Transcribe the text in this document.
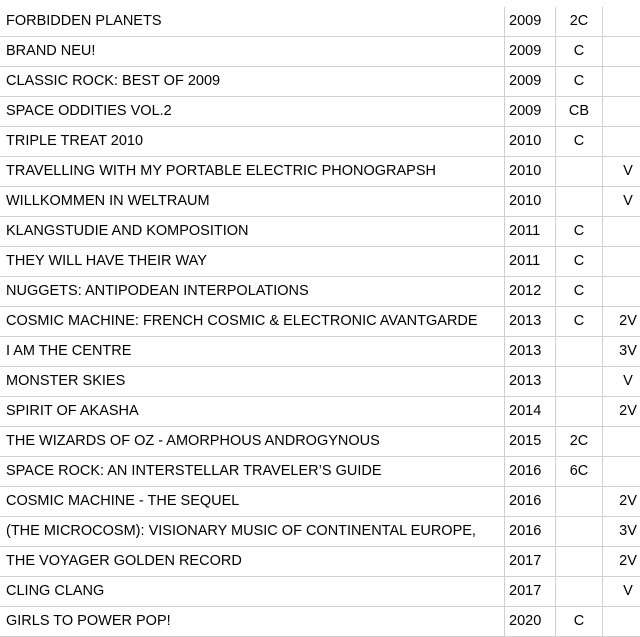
FORBIDDEN PLANETS	2009	2C	
BRAND NEU!	2009	C	
CLASSIC ROCK: BEST OF 2009	2009	C	
SPACE ODDITIES VOL.2	2009	CB	
TRIPLE TREAT 2010	2010	C	
TRAVELLING WITH MY PORTABLE ELECTRIC PHONOGRAPSH	2010		V
WILLKOMMEN IN WELTRAUM	2010		V
KLANGSTUDIE AND KOMPOSITION	2011	C	
THEY WILL HAVE THEIR WAY	2011	C	
NUGGETS: ANTIPODEAN INTERPOLATIONS	2012	C	
COSMIC MACHINE: FRENCH COSMIC & ELECTRONIC AVANTGARDE	2013	C	2V
I AM THE CENTRE	2013		3V
MONSTER SKIES	2013		V
SPIRIT OF AKASHA	2014		2V
THE WIZARDS OF OZ - AMORPHOUS ANDROGYNOUS	2015	2C	
SPACE ROCK: AN INTERSTELLAR TRAVELER’S GUIDE	2016	6C	
COSMIC MACHINE - THE SEQUEL	2016		2V
(THE MICROCOSM): VISIONARY MUSIC OF CONTINENTAL EUROPE,	2016		3V
THE VOYAGER GOLDEN RECORD	2017		2V
CLING CLANG	2017		V
GIRLS TO POWER POP!	2020	C	
